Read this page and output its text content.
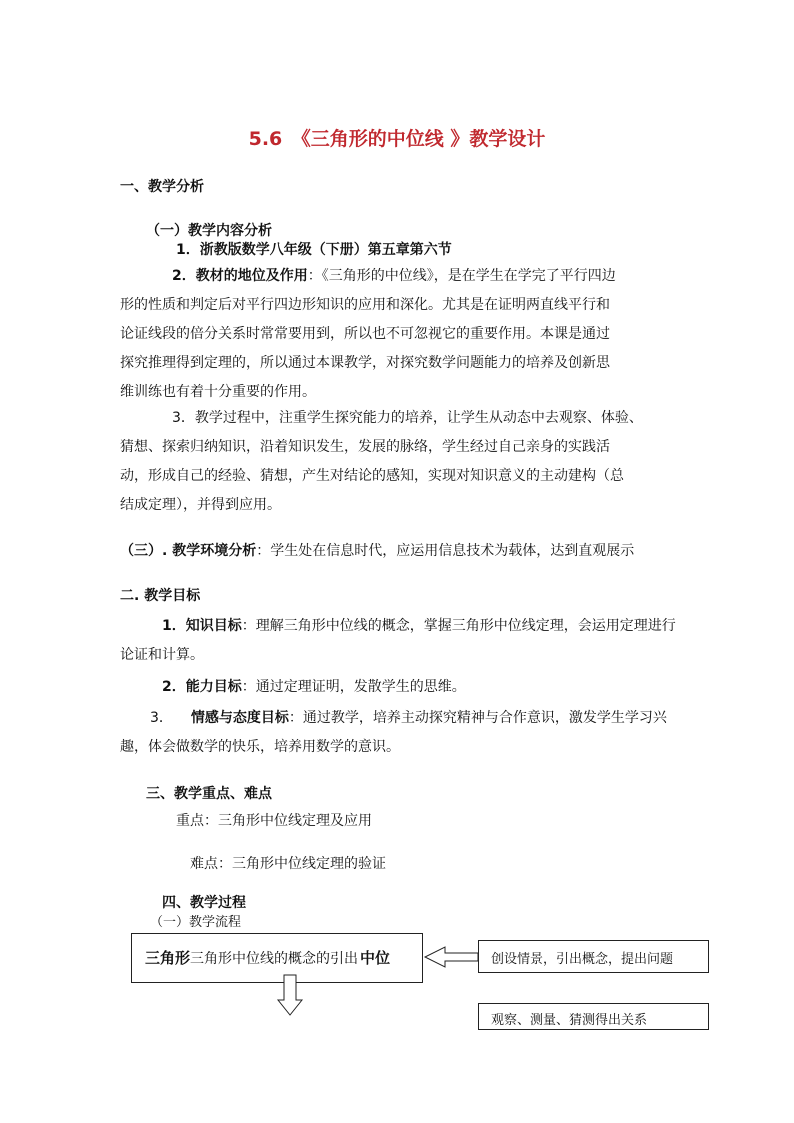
5.6　《三角形的中位线 》教学设计
一、教学分析
（一）教学内容分析
1．浙教版数学八年级（下册）第五章第六节
2．教材的地位及作用：《三角形的中位线》，是在学生在学完了平行四边
形的性质和判定后对平行四边形知识的应用和深化。尤其是在证明两直线平行和
论证线段的倍分关系时常常要用到，所以也不可忽视它的重要作用。本课是通过
探究推理得到定理的，所以通过本课教学，对探究数学问题能力的培养及创新思
维训练也有着十分重要的作用。
3．教学过程中，注重学生探究能力的培养，让学生从动态中去观察、体验、
猜想、探索归纳知识，沿着知识发生，发展的脉络，学生经过自己亲身的实践活
动，形成自己的经验、猜想，产生对结论的感知，实现对知识意义的主动建构（总
结成定理），并得到应用。
（三）. 教学环境分析：学生处在信息时代，应运用信息技术为载体，达到直观展示
二. 教学目标
1．知识目标：理解三角形中位线的概念，掌握三角形中位线定理，会运用定理进行
论证和计算。
2．能力目标：通过定理证明，发散学生的思维。
3． 情感与态度目标：通过教学，培养主动探究精神与合作意识，激发学生学习兴
趣，体会做数学的快乐，培养用数学的意识。
三、教学重点、难点
重点：三角形中位线定理及应用
难点：三角形中位线定理的验证
四、教学过程
（一）教学流程
三角形三角形中位线的概念的引出 中位	创设情景，引出概念，提出问题
观察、测量、猜测得出关系
